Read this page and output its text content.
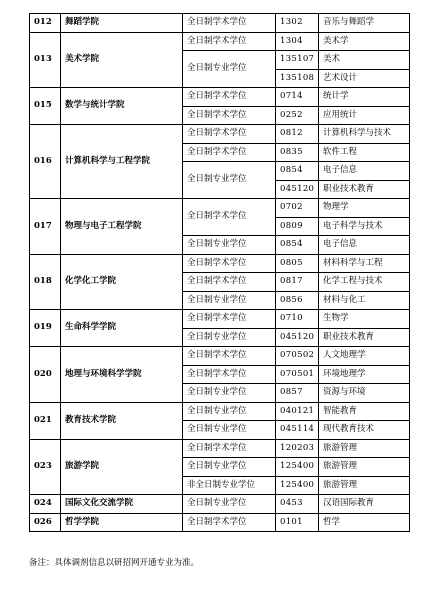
012	舞蹈学院	全日制学术学位	1302	音乐与舞蹈学
013	美术学院	全日制学术学位	1304	美术学
		全日制专业学位	135107	美术
			135108	艺术设计
015	数学与统计学院	全日制学术学位	0714	统计学
		全日制学术学位	0252	应用统计
016	计算机科学与工程学院	全日制学术学位	0812	计算机科学与技术
		全日制学术学位	0835	软件工程
		全日制专业学位	0854	电子信息
			045120	职业技术教育
017	物理与电子工程学院	全日制学术学位	0702	物理学
			0809	电子科学与技术
		全日制专业学位	0854	电子信息
018	化学化工学院	全日制学术学位	0805	材料科学与工程
		全日制学术学位	0817	化学工程与技术
		全日制专业学位	0856	材料与化工
019	生命科学学院	全日制学术学位	0710	生物学
		全日制专业学位	045120	职业技术教育
020	地理与环境科学学院	全日制学术学位	070502	人文地理学
		全日制学术学位	070501	环境地理学
		全日制专业学位	0857	资源与环境
021	教育技术学院	全日制专业学位	040121	智能教育
		全日制专业学位	045114	现代教育技术
023	旅游学院	全日制学术学位	120203	旅游管理
		全日制专业学位	125400	旅游管理
		非全日制专业学位	125400	旅游管理
024	国际文化交流学院	全日制专业学位	0453	汉语国际教育
026	哲学学院	全日制学术学位	0101	哲学
备注：具体调剂信息以研招网开通专业为准。
